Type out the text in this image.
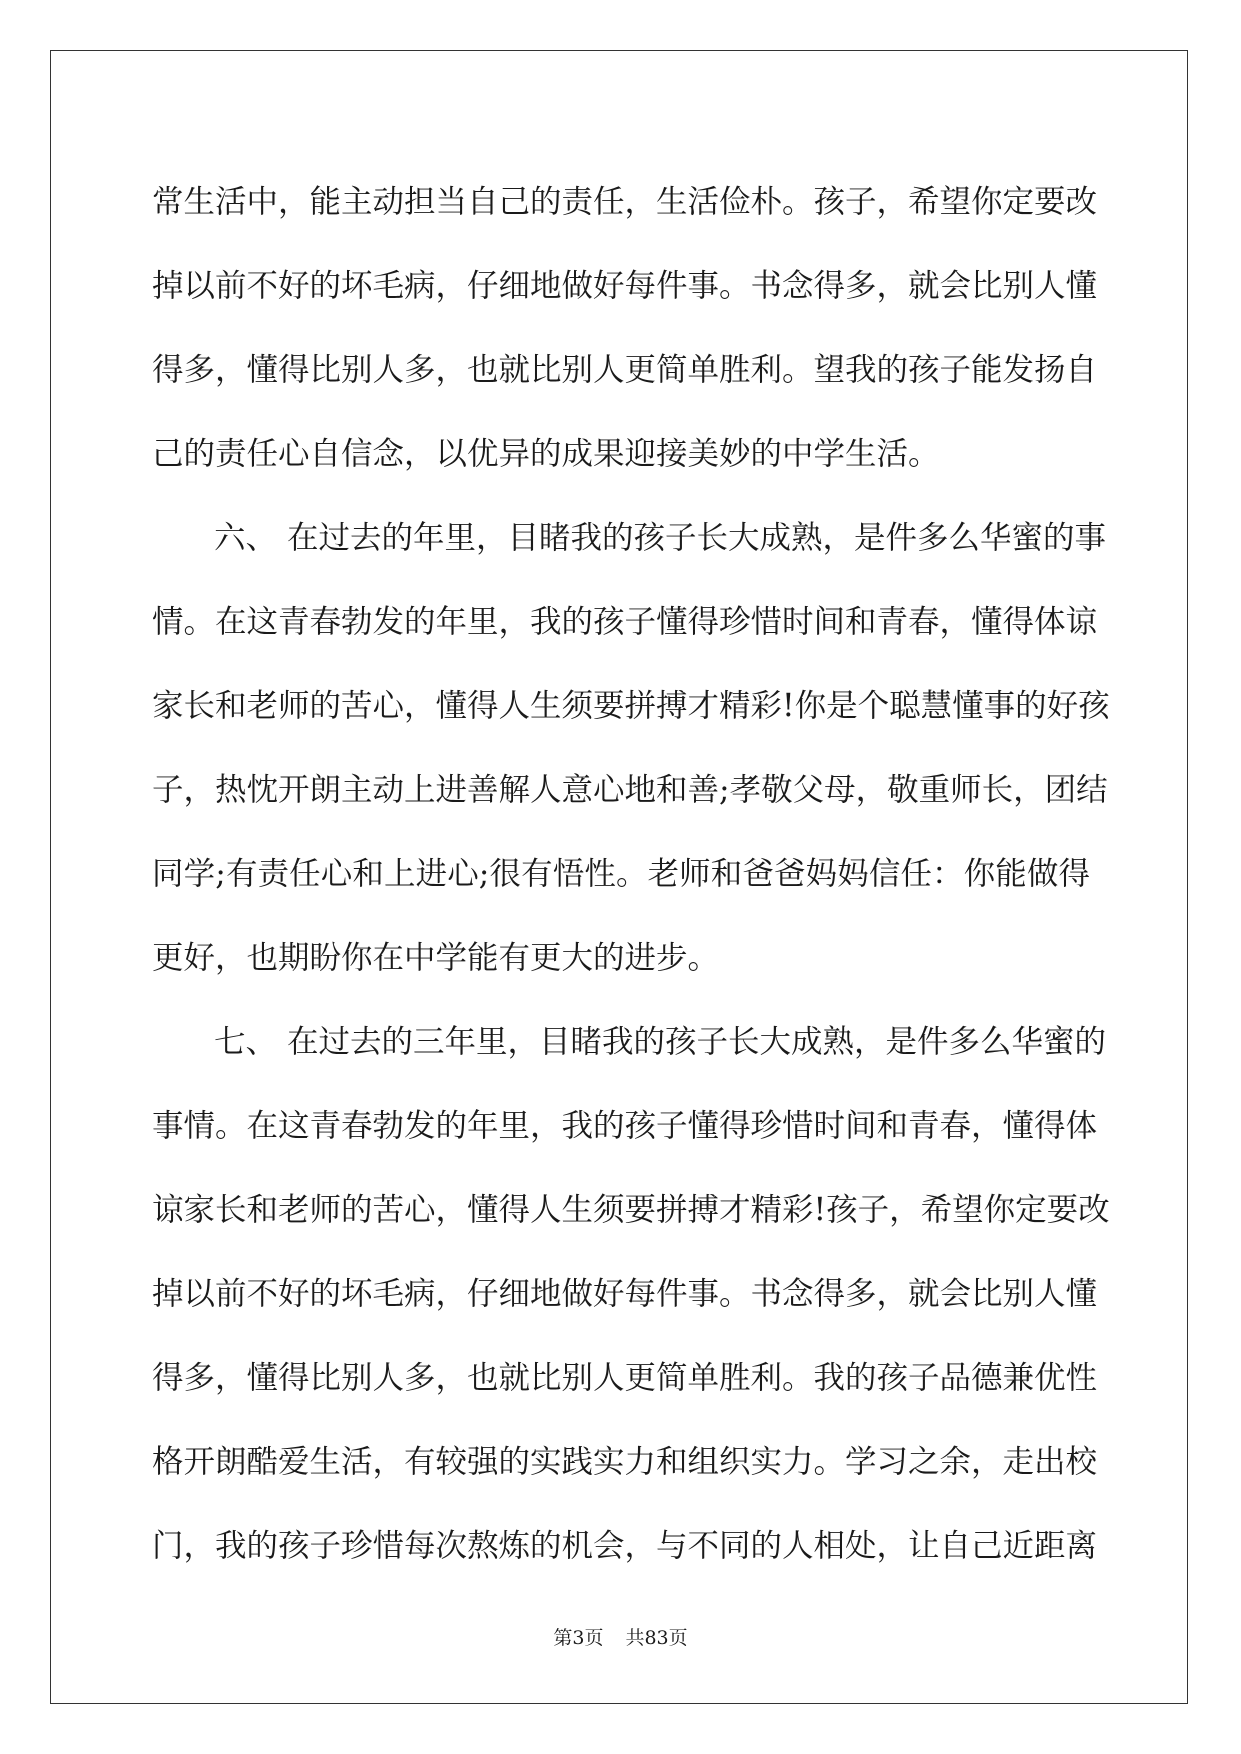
常生活中，能主动担当自己的责任，生活俭朴。孩子，希望你定要改
掉以前不好的坏毛病，仔细地做好每件事。书念得多，就会比别人懂
得多，懂得比别人多，也就比别人更简单胜利。望我的孩子能发扬自
己的责任心自信念，以优异的成果迎接美妙的中学生活。
六、 在过去的年里，目睹我的孩子长大成熟，是件多么华蜜的事
情。在这青春勃发的年里，我的孩子懂得珍惜时间和青春，懂得体谅
家长和老师的苦心，懂得人生须要拼搏才精彩!你是个聪慧懂事的好孩
子，热忱开朗主动上进善解人意心地和善;孝敬父母，敬重师长，团结
同学;有责任心和上进心;很有悟性。老师和爸爸妈妈信任：你能做得
更好，也期盼你在中学能有更大的进步。
七、 在过去的三年里，目睹我的孩子长大成熟，是件多么华蜜的
事情。在这青春勃发的年里，我的孩子懂得珍惜时间和青春，懂得体
谅家长和老师的苦心，懂得人生须要拼搏才精彩!孩子，希望你定要改
掉以前不好的坏毛病，仔细地做好每件事。书念得多，就会比别人懂
得多，懂得比别人多，也就比别人更简单胜利。我的孩子品德兼优性
格开朗酷爱生活，有较强的实践实力和组织实力。学习之余，走出校
门，我的孩子珍惜每次熬炼的机会，与不同的人相处，让自己近距离
第3页 共83页
